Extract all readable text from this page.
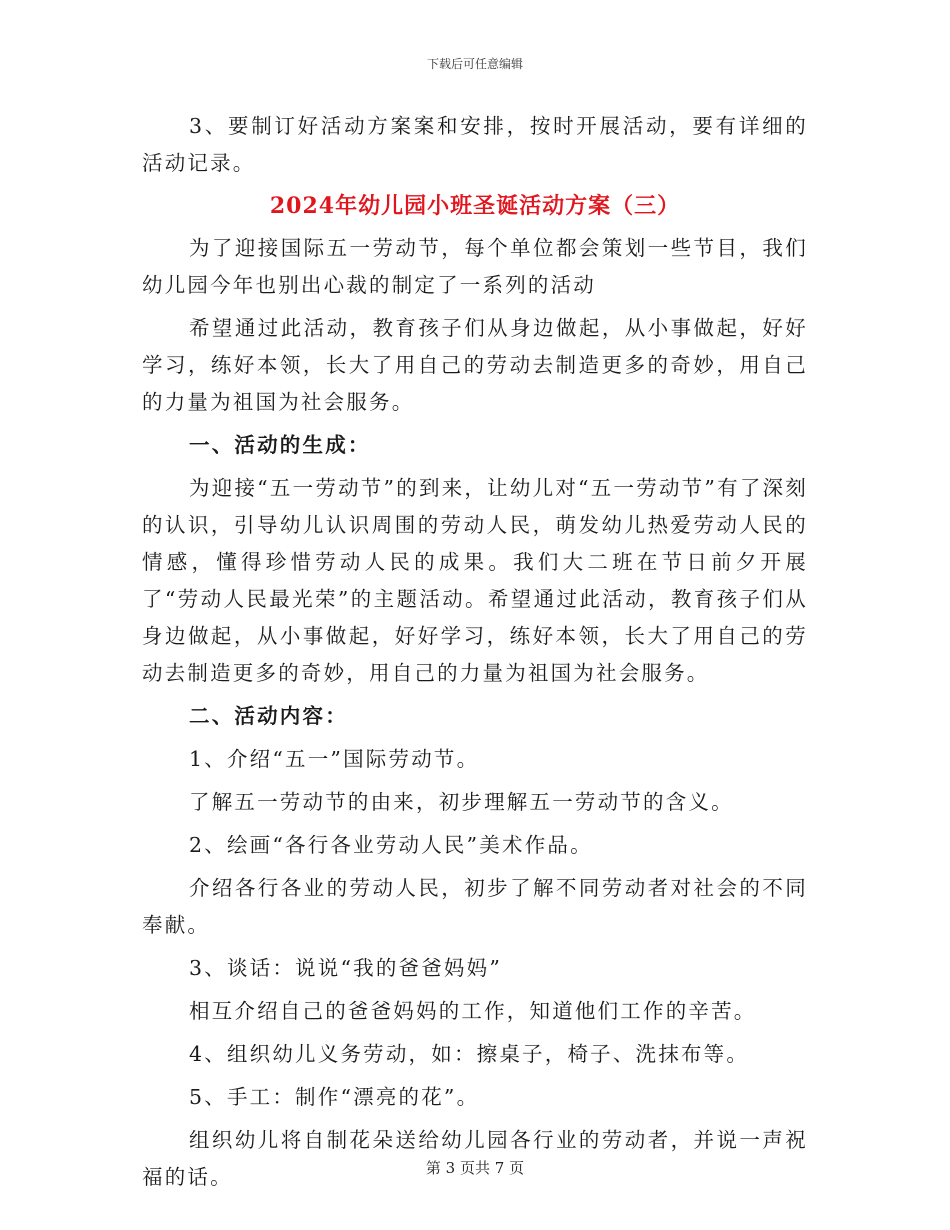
下载后可任意编辑

3、要制订好活动方案案和安排，按时开展活动，要有详细的活动记录。

2024年幼儿园小班圣诞活动方案（三）

为了迎接国际五一劳动节，每个单位都会策划一些节目，我们幼儿园今年也别出心裁的制定了一系列的活动

希望通过此活动，教育孩子们从身边做起，从小事做起，好好学习，练好本领，长大了用自己的劳动去制造更多的奇妙，用自己的力量为祖国为社会服务。

一、活动的生成：

为迎接“五一劳动节”的到来，让幼儿对“五一劳动节”有了深刻的认识，引导幼儿认识周围的劳动人民，萌发幼儿热爱劳动人民的情感，懂得珍惜劳动人民的成果。我们大二班在节日前夕开展了“劳动人民最光荣”的主题活动。希望通过此活动，教育孩子们从身边做起，从小事做起，好好学习，练好本领，长大了用自己的劳动去制造更多的奇妙，用自己的力量为祖国为社会服务。

二、活动内容：

1、介绍“五一”国际劳动节。

了解五一劳动节的由来，初步理解五一劳动节的含义。

2、绘画“各行各业劳动人民”美术作品。

介绍各行各业的劳动人民，初步了解不同劳动者对社会的不同奉献。

3、谈话：说说“我的爸爸妈妈”

相互介绍自己的爸爸妈妈的工作，知道他们工作的辛苦。

4、组织幼儿义务劳动，如：擦桌子，椅子、洗抹布等。

5、手工：制作“漂亮的花”。

组织幼儿将自制花朵送给幼儿园各行业的劳动者，并说一声祝福的话。	第 3 页共 7 页
